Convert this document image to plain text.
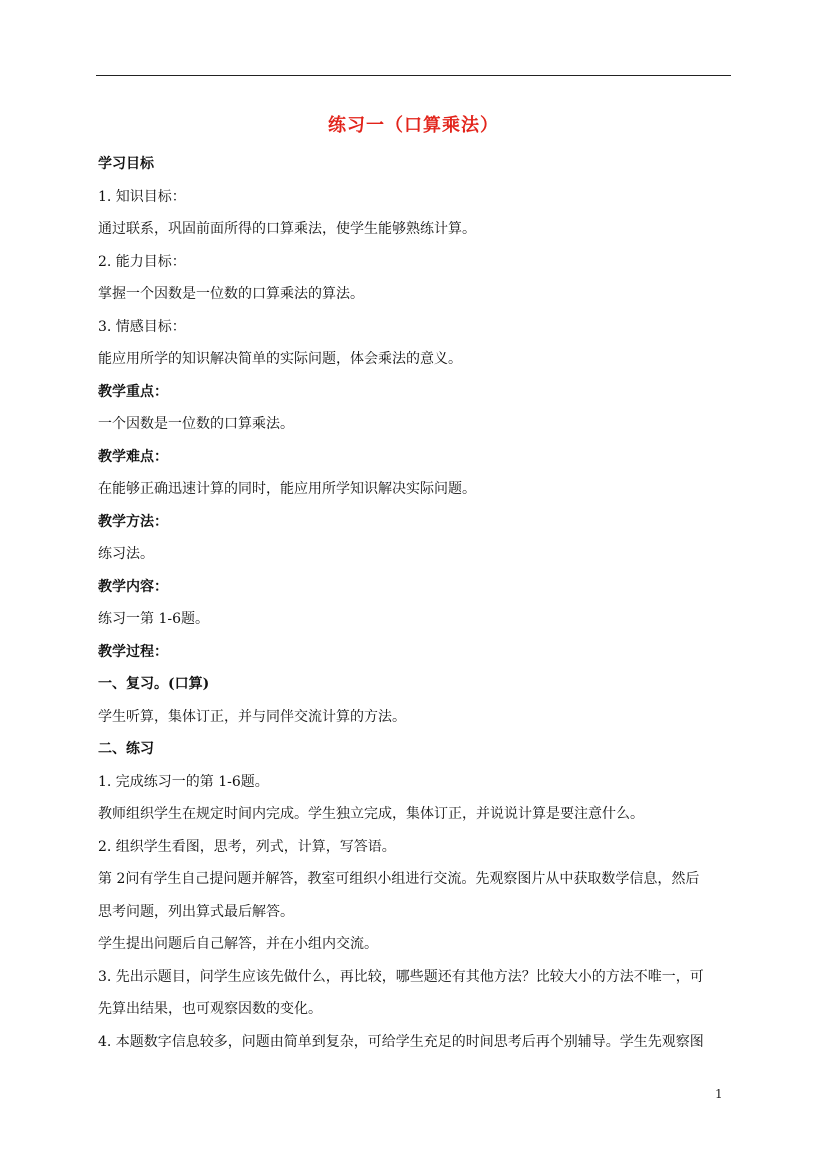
练习一（口算乘法）
学习目标
1. 知识目标：
通过联系，巩固前面所得的口算乘法，使学生能够熟练计算。
2. 能力目标：
掌握一个因数是一位数的口算乘法的算法。
3. 情感目标：
能应用所学的知识解决简单的实际问题，体会乘法的意义。
教学重点：
一个因数是一位数的口算乘法。
教学难点：
在能够正确迅速计算的同时，能应用所学知识解决实际问题。
教学方法：
练习法。
教学内容：
练习一第 1-6题。
教学过程：
一、复习。(口算)
学生听算，集体订正，并与同伴交流计算的方法。
二、练习
1. 完成练习一的第 1-6题。
教师组织学生在规定时间内完成。学生独立完成，集体订正，并说说计算是要注意什么。
2. 组织学生看图，思考，列式，计算，写答语。
第 2问有学生自己提问题并解答，教室可组织小组进行交流。先观察图片从中获取数学信息，然后
思考问题，列出算式最后解答。
学生提出问题后自己解答，并在小组内交流。
3. 先出示题目，问学生应该先做什么，再比较，哪些题还有其他方法？比较大小的方法不唯一，可
先算出结果，也可观察因数的变化。
4. 本题数字信息较多，问题由简单到复杂，可给学生充足的时间思考后再个别辅导。学生先观察图
1
